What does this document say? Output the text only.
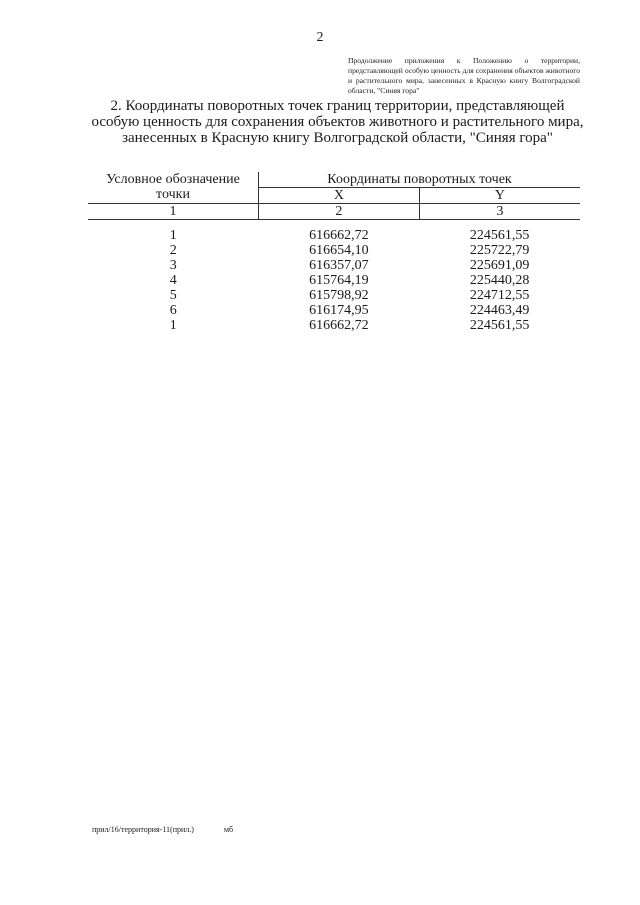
2
Продолжение приложения к Положению о территории, представляющей особую ценность для сохранения объектов животного и растительного мира, занесенных в Красную книгу Волгоградской области, "Синяя гора"
2. Координаты поворотных точек границ территории, представляющей особую ценность для сохранения объектов животного и растительного мира, занесенных в Красную книгу Волгоградской области, "Синяя гора"
Условное обозначение точки	Координаты поворотных точек	
	X	Y
1	2	3

1	616662,72	224561,55
2	616654,10	225722,79
3	616357,07	225691,09
4	615764,19	225440,28
5	615798,92	224712,55
6	616174,95	224463,49
1	616662,72	224561,55
прил/16/территория-11(прил.)	мб
